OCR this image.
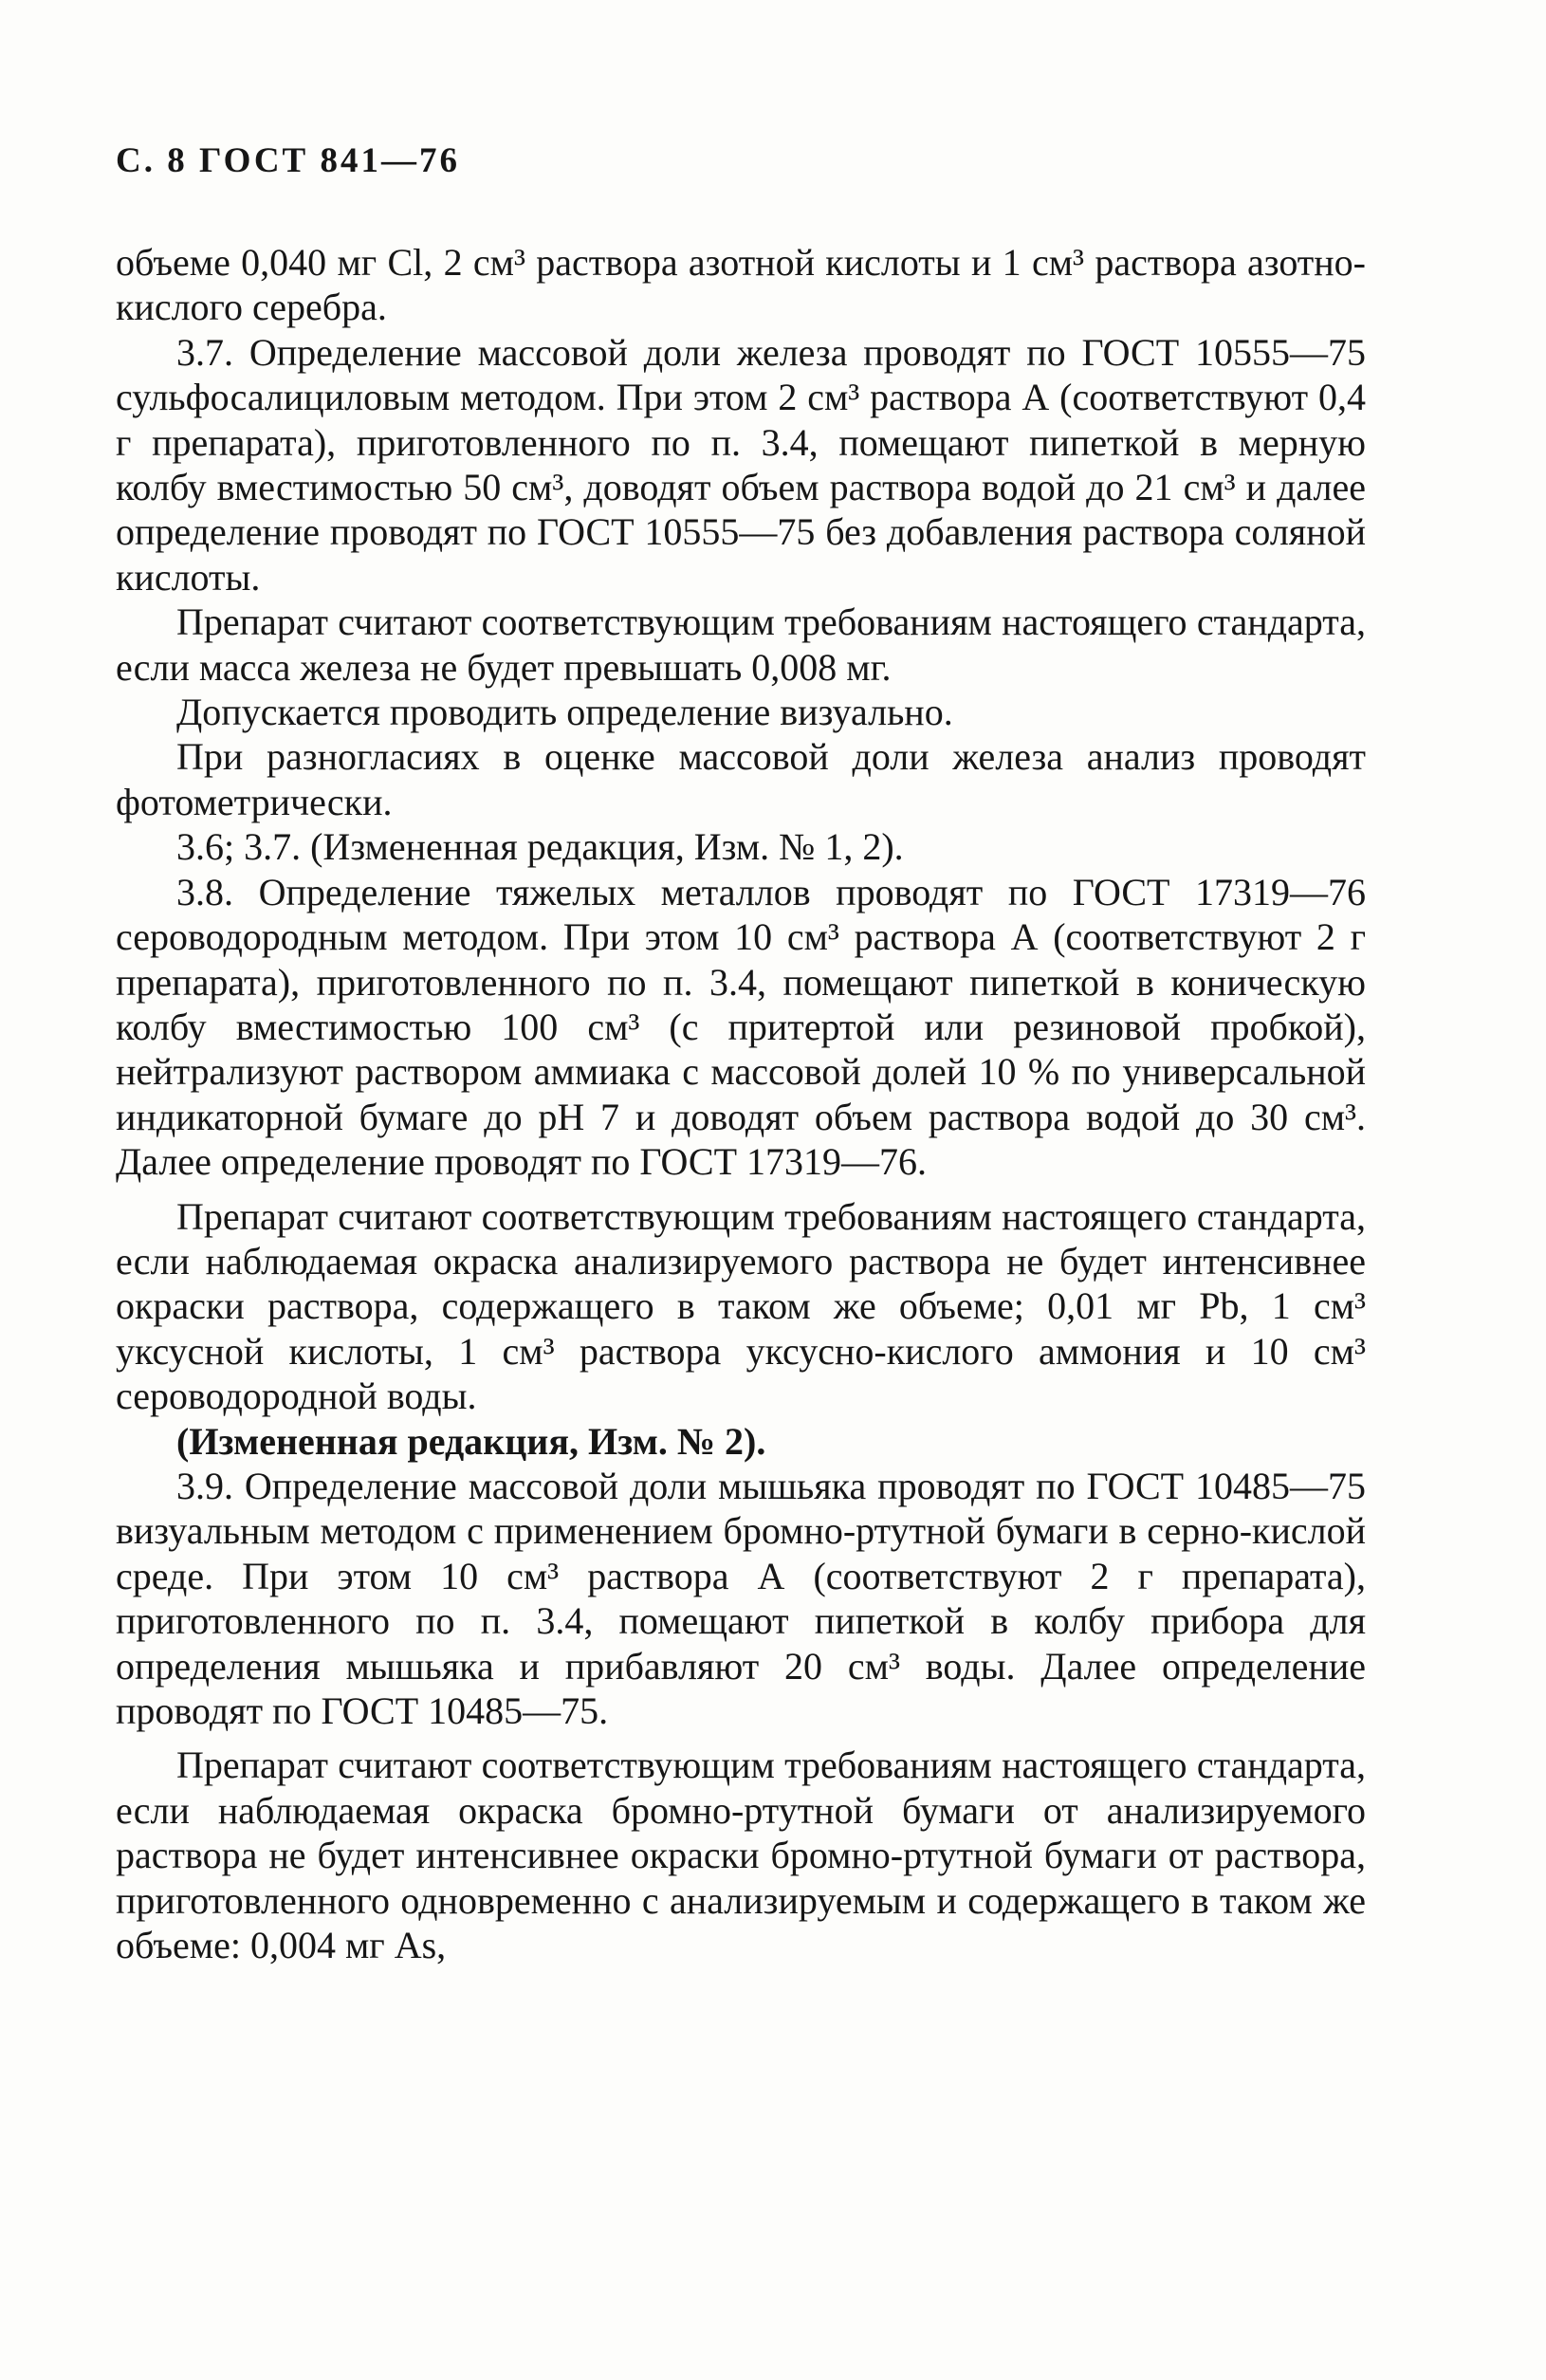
С. 8 ГОСТ 841—76

объеме 0,040 мг Cl, 2 см³ раствора азотной кислоты и 1 см³ раствора азотно-кислого серебра.

3.7. Определение массовой доли железа проводят по ГОСТ 10555—75 сульфосалициловым методом. При этом 2 см³ раствора А (соответствуют 0,4 г препарата), приготовленного по п. 3.4, помещают пипеткой в мерную колбу вместимостью 50 см³, доводят объем раствора водой до 21 см³ и далее определение проводят по ГОСТ 10555—75 без добавления раствора соляной кислоты.

Препарат считают соответствующим требованиям настоящего стандарта, если масса железа не будет превышать 0,008 мг.

Допускается проводить определение визуально.

При разногласиях в оценке массовой доли железа анализ проводят фотометрически.

3.6; 3.7. (Измененная редакция, Изм. № 1, 2).

3.8. Определение тяжелых металлов проводят по ГОСТ 17319—76 сероводородным методом. При этом 10 см³ раствора А (соответствуют 2 г препарата), приготовленного по п. 3.4, помещают пипеткой в коническую колбу вместимостью 100 см³ (с притертой или резиновой пробкой), нейтрализуют раствором аммиака с массовой долей 10 % по универсальной индикаторной бумаге до pH 7 и доводят объем раствора водой до 30 см³. Далее определение проводят по ГОСТ 17319—76.

Препарат считают соответствующим требованиям настоящего стандарта, если наблюдаемая окраска анализируемого раствора не будет интенсивнее окраски раствора, содержащего в таком же объеме; 0,01 мг Pb, 1 см³ уксусной кислоты, 1 см³ раствора уксусно-кислого аммония и 10 см³ сероводородной воды.

(Измененная редакция, Изм. № 2).

3.9. Определение массовой доли мышьяка проводят по ГОСТ 10485—75 визуальным методом с применением бромно-ртутной бумаги в серно-кислой среде. При этом 10 см³ раствора А (соответствуют 2 г препарата), приготовленного по п. 3.4, помещают пипеткой в колбу прибора для определения мышьяка и прибавляют 20 см³ воды. Далее определение проводят по ГОСТ 10485—75.

Препарат считают соответствующим требованиям настоящего стандарта, если наблюдаемая окраска бромно-ртутной бумаги от анализируемого раствора не будет интенсивнее окраски бромно-ртутной бумаги от раствора, приготовленного одновременно с анализируемым и содержащего в таком же объеме: 0,004 мг As,
